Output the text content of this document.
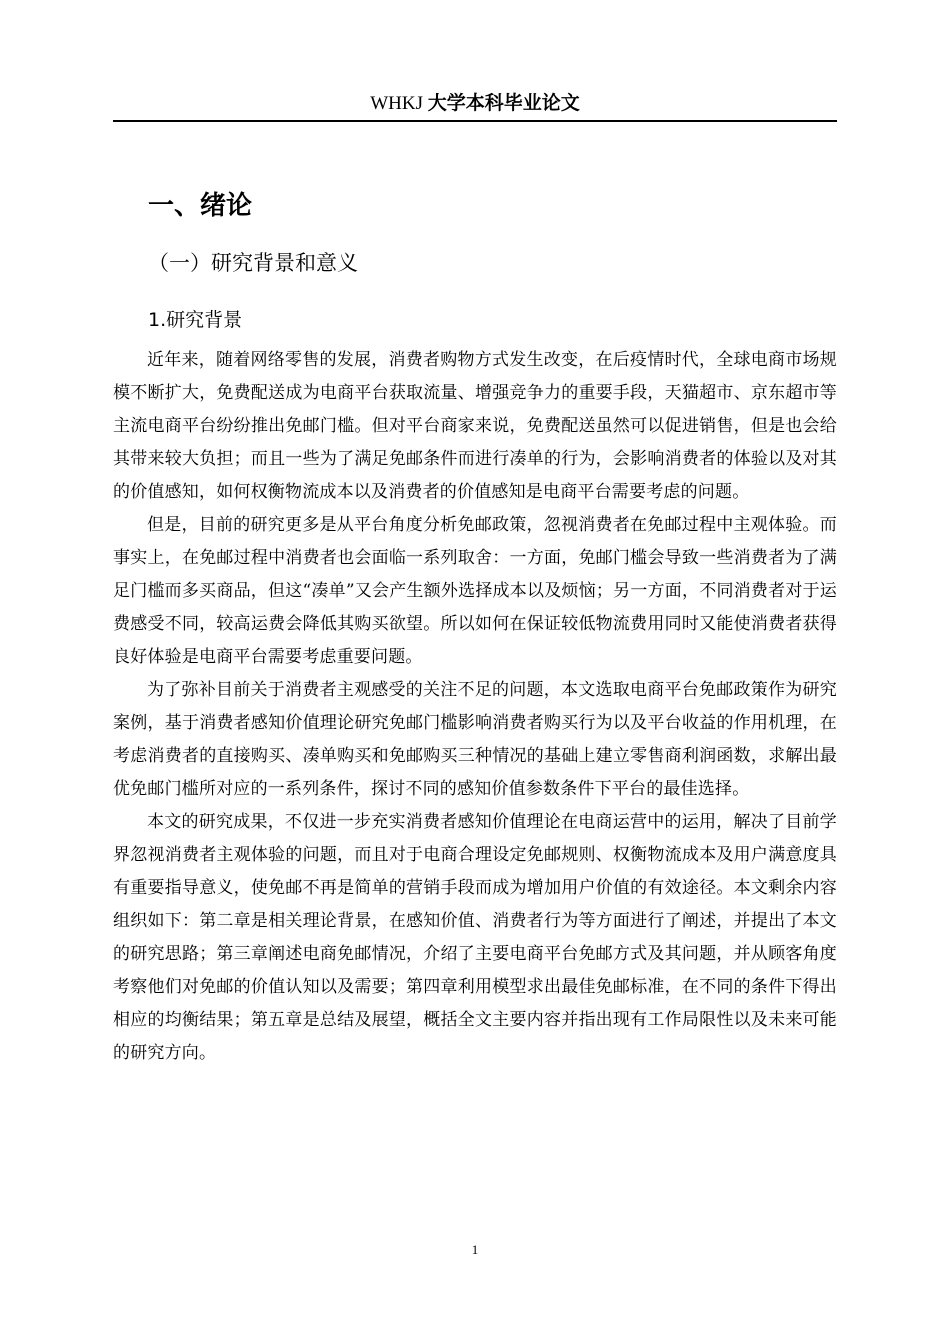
WHKJ 大学本科毕业论文
一、绪论
（一）研究背景和意义
1.研究背景

近年来，随着网络零售的发展，消费者购物方式发生改变，在后疫情时代，全球电商市场规模不断扩大，免费配送成为电商平台获取流量、增强竞争力的重要手段，天猫超市、京东超市等主流电商平台纷纷推出免邮门槛。但对平台商家来说，免费配送虽然可以促进销售，但是也会给其带来较大负担；而且一些为了满足免邮条件而进行凑单的行为，会影响消费者的体验以及对其的价值感知，如何权衡物流成本以及消费者的价值感知是电商平台需要考虑的问题。

但是，目前的研究更多是从平台角度分析免邮政策，忽视消费者在免邮过程中主观体验。而事实上，在免邮过程中消费者也会面临一系列取舍：一方面，免邮门槛会导致一些消费者为了满足门槛而多买商品，但这“凑单”又会产生额外选择成本以及烦恼；另一方面，不同消费者对于运费感受不同，较高运费会降低其购买欲望。所以如何在保证较低物流费用同时又能使消费者获得良好体验是电商平台需要考虑重要问题。

为了弥补目前关于消费者主观感受的关注不足的问题，本文选取电商平台免邮政策作为研究案例，基于消费者感知价值理论研究免邮门槛影响消费者购买行为以及平台收益的作用机理，在考虑消费者的直接购买、凑单购买和免邮购买三种情况的基础上建立零售商利润函数，求解出最优免邮门槛所对应的一系列条件，探讨不同的感知价值参数条件下平台的最佳选择。

本文的研究成果，不仅进一步充实消费者感知价值理论在电商运营中的运用，解决了目前学界忽视消费者主观体验的问题，而且对于电商合理设定免邮规则、权衡物流成本及用户满意度具有重要指导意义，使免邮不再是简单的营销手段而成为增加用户价值的有效途径。本文剩余内容组织如下：第二章是相关理论背景，在感知价值、消费者行为等方面进行了阐述，并提出了本文的研究思路；第三章阐述电商免邮情况，介绍了主要电商平台免邮方式及其问题，并从顾客角度考察他们对免邮的价值认知以及需要；第四章利用模型求出最佳免邮标准，在不同的条件下得出相应的均衡结果；第五章是总结及展望，概括全文主要内容并指出现有工作局限性以及未来可能的研究方向。

1
